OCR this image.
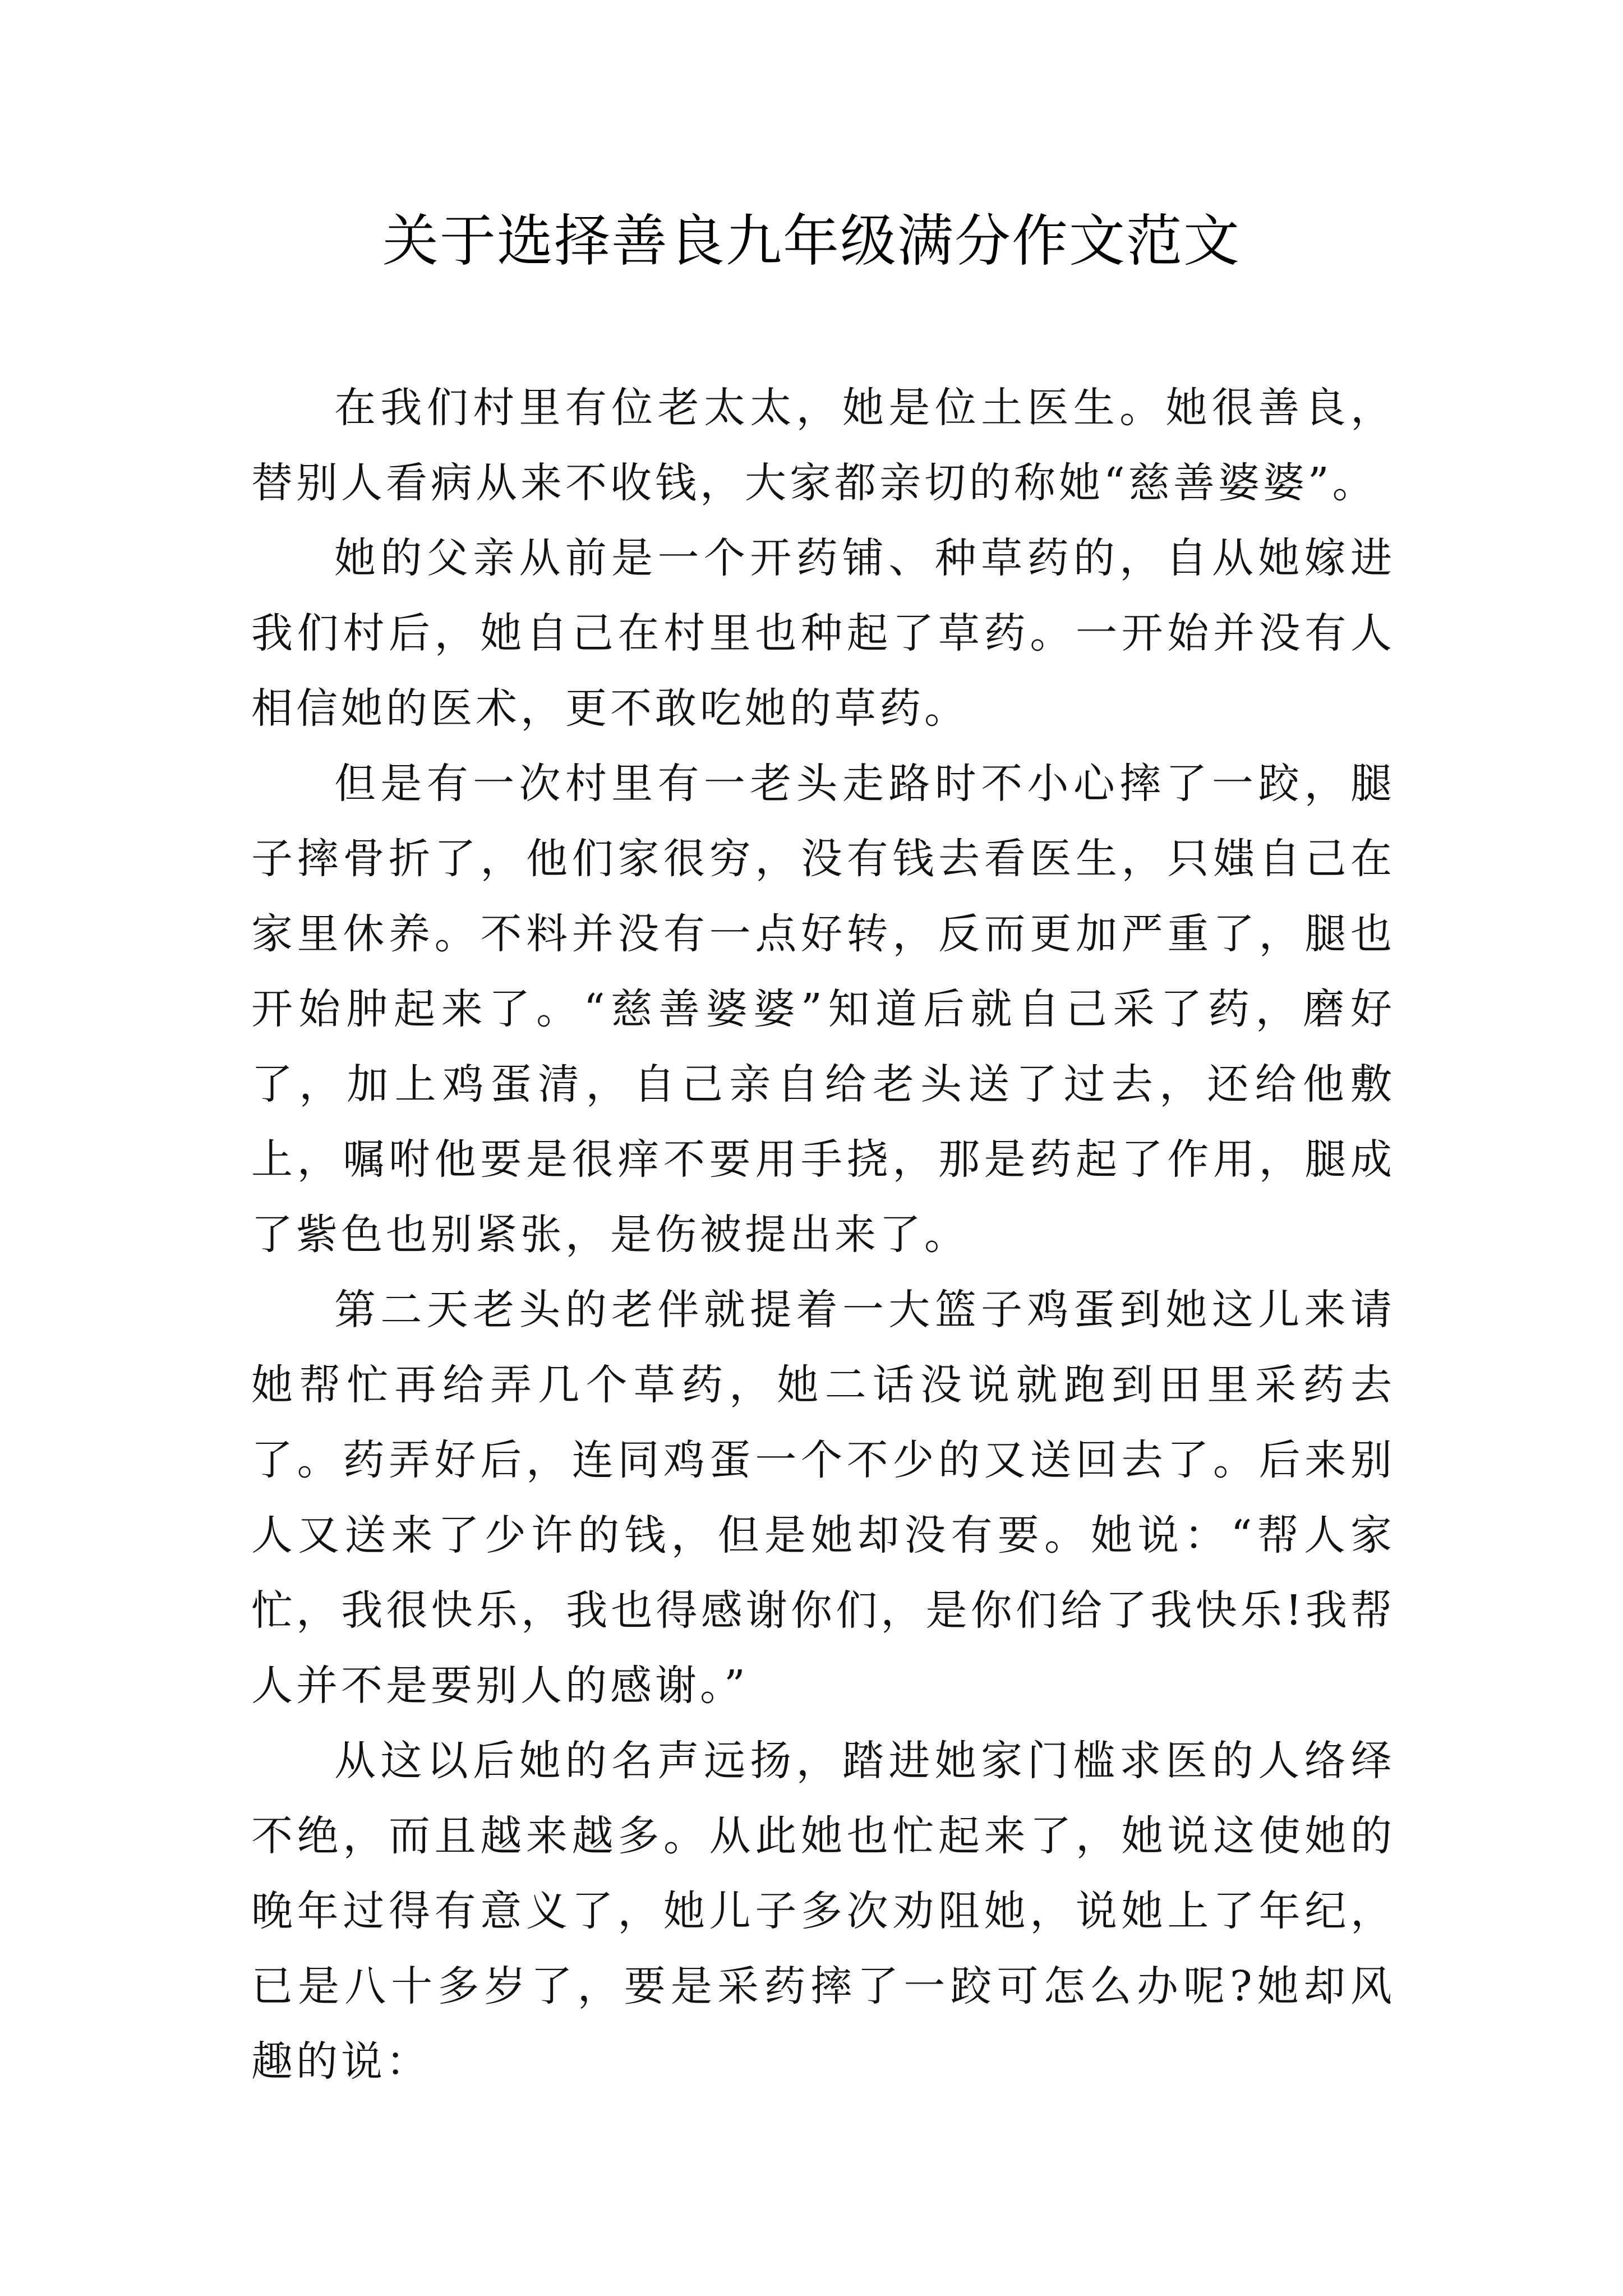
关于选择善良九年级满分作文范文

在我们村里有位老太太，她是位土医生。她很善良，替别人看病从来不收钱，大家都亲切的称她“慈善婆婆”。

她的父亲从前是一个开药铺、种草药的，自从她嫁进我们村后，她自己在村里也种起了草药。一开始并没有人相信她的医术，更不敢吃她的草药。

但是有一次村里有一老头走路时不小心摔了一跤，腿子摔骨折了，他们家很穷，没有钱去看医生，只媸自己在家里休养。不料并没有一点好转，反而更加严重了，腿也开始肿起来了。“慈善婆婆”知道后就自己采了药，磨好了，加上鸡蛋清，自己亲自给老头送了过去，还给他敷上，嘱咐他要是很痒不要用手挠，那是药起了作用，腿成了紫色也别紧张，是伤被提出来了。

第二天老头的老伴就提着一大篮子鸡蛋到她这儿来请她帮忙再给弄几个草药，她二话没说就跑到田里采药去了。药弄好后，连同鸡蛋一个不少的又送回去了。后来别人又送来了少许的钱，但是她却没有要。她说：“帮人家忙，我很快乐，我也得感谢你们，是你们给了我快乐!我帮人并不是要别人的感谢。”

从这以后她的名声远扬，踏进她家门槛求医的人络绎不绝，而且越来越多。从此她也忙起来了，她说这使她的晚年过得有意义了，她儿子多次劝阻她，说她上了年纪，已是八十多岁了，要是采药摔了一跤可怎么办呢?她却风趣的说：
